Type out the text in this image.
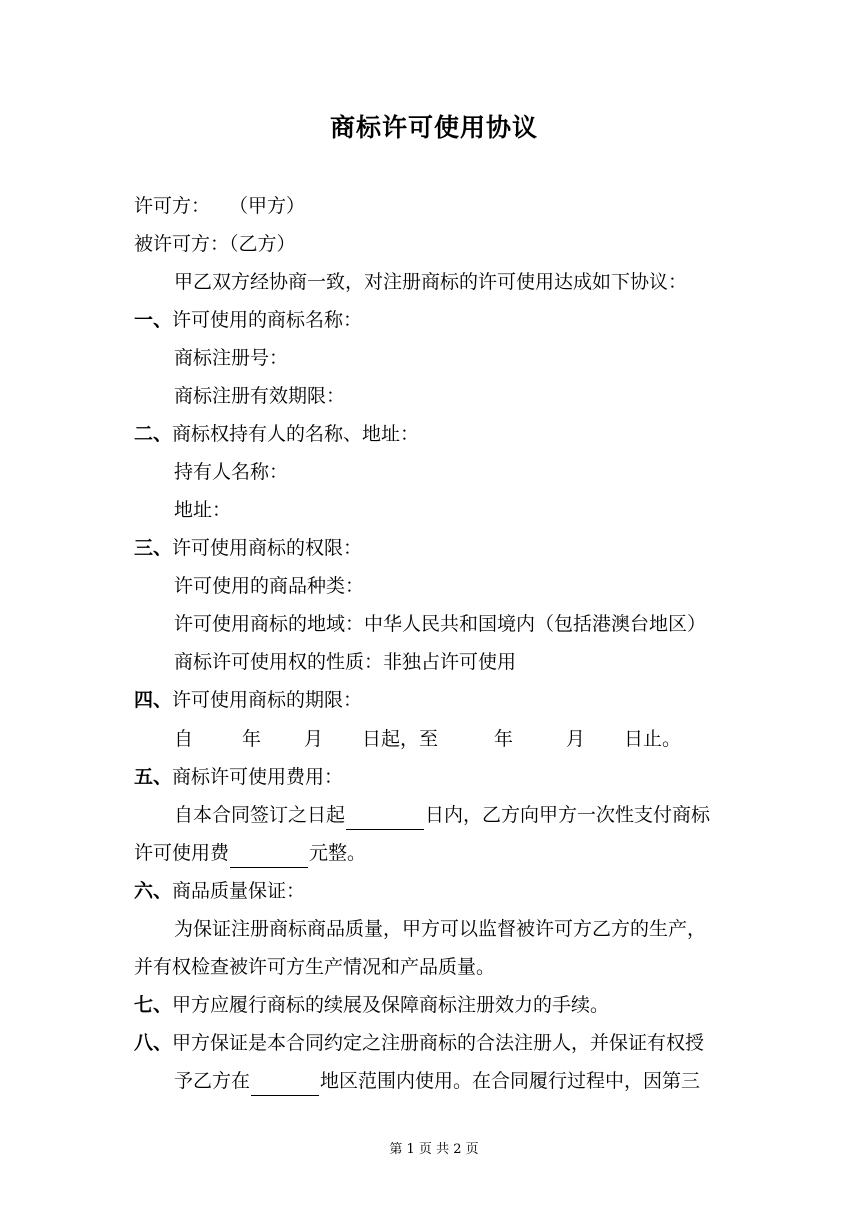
商标许可使用协议
许可方：　　（甲方）
被许可方：（乙方）
甲乙双方经协商一致，对注册商标的许可使用达成如下协议：
一、许可使用的商标名称：
商标注册号：
商标注册有效期限：
二、商标权持有人的名称、地址：
持有人名称：
地址：
三、许可使用商标的权限：
许可使用的商品种类：
许可使用商标的地域：中华人民共和国境内（包括港澳台地区）
商标许可使用权的性质：非独占许可使用
四、许可使用商标的期限：
自	年 月 日起，至	年	月 日止。
五、商标许可使用费用：
自本合同签订之日起	日内，乙方向甲方一次性支付商标
许可使用费	元整。
六、商品质量保证：
为保证注册商标商品质量，甲方可以监督被许可方乙方的生产，
并有权检查被许可方生产情况和产品质量。
七、甲方应履行商标的续展及保障商标注册效力的手续。
八、甲方保证是本合同约定之注册商标的合法注册人，并保证有权授
予乙方在	地区范围内使用。在合同履行过程中，因第三
第 1 页 共 2 页
